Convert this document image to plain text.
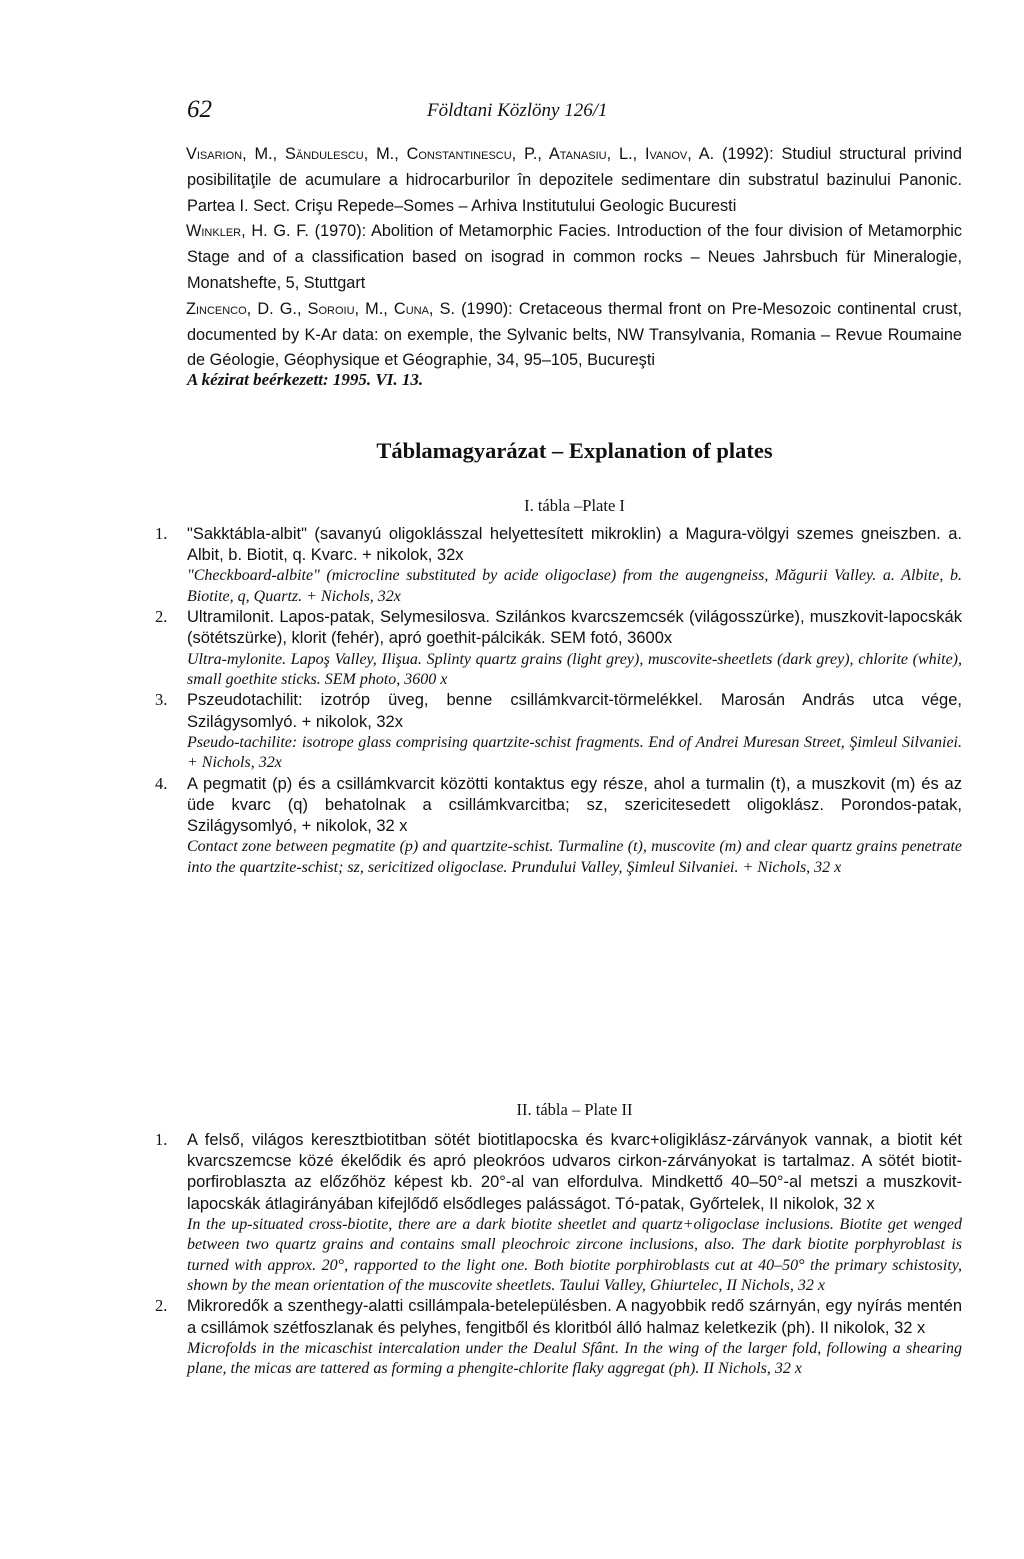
62	Földtani Közlöny 126/1

Visarion, M., Săndulescu, M., Constantinescu, P., Atanasiu, L., Ivanov, A. (1992): Studiul structural privind posibilitaţile de acumulare a hidrocarburilor în depozitele sedimentare din substratul bazinului Panonic. Partea I. Sect. Crişu Repede–Somes – Arhiva Institutului Geologic Bucuresti

Winkler, H. G. F. (1970): Abolition of Metamorphic Facies. Introduction of the four division of Metamorphic Stage and of a classification based on isograd in common rocks – Neues Jahrsbuch für Mineralogie, Monatshefte, 5, Stuttgart

Zincenco, D. G., Soroiu, M., Cuna, S. (1990): Cretaceous thermal front on Pre-Mesozoic continental crust, documented by K-Ar data: on exemple, the Sylvanic belts, NW Transylvania, Romania – Revue Roumaine de Géologie, Géophysique et Géographie, 34, 95–105, Bucureşti

A kézirat beérkezett: 1995. VI. 13.
Táblamagyarázat – Explanation of plates
I. tábla –Plate I
1.	"Sakktábla-albit" (savanyú oligoklásszal helyettesített mikroklin) a Magura-völgyi szemes gneiszben. a. Albit, b. Biotit, q. Kvarc. + nikolok, 32x
"Checkboard-albite" (microcline substituted by acide oligoclase) from the augengneiss, Măgurii Valley. a. Albite, b. Biotite, q, Quartz. + Nichols, 32x
2.	Ultramilonit. Lapos-patak, Selymesilosva. Szilánkos kvarcszemcsék (világosszürke), muszkovit-lapocskák (sötétszürke), klorit (fehér), apró goethit-pálcikák. SEM fotó, 3600x
Ultra-mylonite. Lapoş Valley, Ilişua. Splinty quartz grains (light grey), muscovite-sheetlets (dark grey), chlorite (white), small goethite sticks. SEM photo, 3600 x
3.	Pszeudotachilit: izotróp üveg, benne csillámkvarcit-törmelékkel. Marosán András utca vége, Szilágysomlyó. + nikolok, 32x
Pseudo-tachilite: isotrope glass comprising quartzite-schist fragments. End of Andrei Muresan Street, Şimleul Silvaniei. + Nichols, 32x
4.	A pegmatit (p) és a csillámkvarcit közötti kontaktus egy része, ahol a turmalin (t), a muszkovit (m) és az üde kvarc (q) behatolnak a csillámkvarcitba; sz, szericitesedett oligoklász. Porondos-patak, Szilágysomlyó, + nikolok, 32 x
Contact zone between pegmatite (p) and quartzite-schist. Turmaline (t), muscovite (m) and clear quartz grains penetrate into the quartzite-schist; sz, sericitized oligoclase. Prundului Valley, Şimleul Silvaniei. + Nichols, 32 x
II. tábla – Plate II
1.	A felső, világos keresztbiotitban sötét biotitlapocska és kvarc+oligiklász-zárványok vannak, a biotit két kvarcszemcse közé ékelődik és apró pleokróos udvaros cirkon-zárványokat is tartalmaz. A sötét biotit-porfiroblaszta az előzőhöz képest kb. 20°-al van elfordulva. Mindkettő 40–50°-al metszi a muszkovit-lapocskák átlagirányában kifejlődő elsődleges palásságot. Tó-patak, Győrtelek, II nikolok, 32 x
In the up-situated cross-biotite, there are a dark biotite sheetlet and quartz+oligoclase inclusions. Biotite get wenged between two quartz grains and contains small pleochroic zircone inclusions, also. The dark biotite porphyroblast is turned with approx. 20°, rapported to the light one. Both biotite porphiroblasts cut at 40–50° the primary schistosity, shown by the mean orientation of the muscovite sheetlets. Taului Valley, Ghiurtelec, II Nichols, 32 x
2.	Mikroredők a szenthegy-alatti csillámpala-betelepülésben. A nagyobbik redő szárnyán, egy nyírás mentén a csillámok szétfoszlanak és pelyhes, fengitből és kloritból álló halmaz keletkezik (ph). II nikolok, 32 x
Microfolds in the micaschist intercalation under the Dealul Sfânt. In the wing of the larger fold, following a shearing plane, the micas are tattered as forming a phengite-chlorite flaky aggregat (ph). II Nichols, 32 x
